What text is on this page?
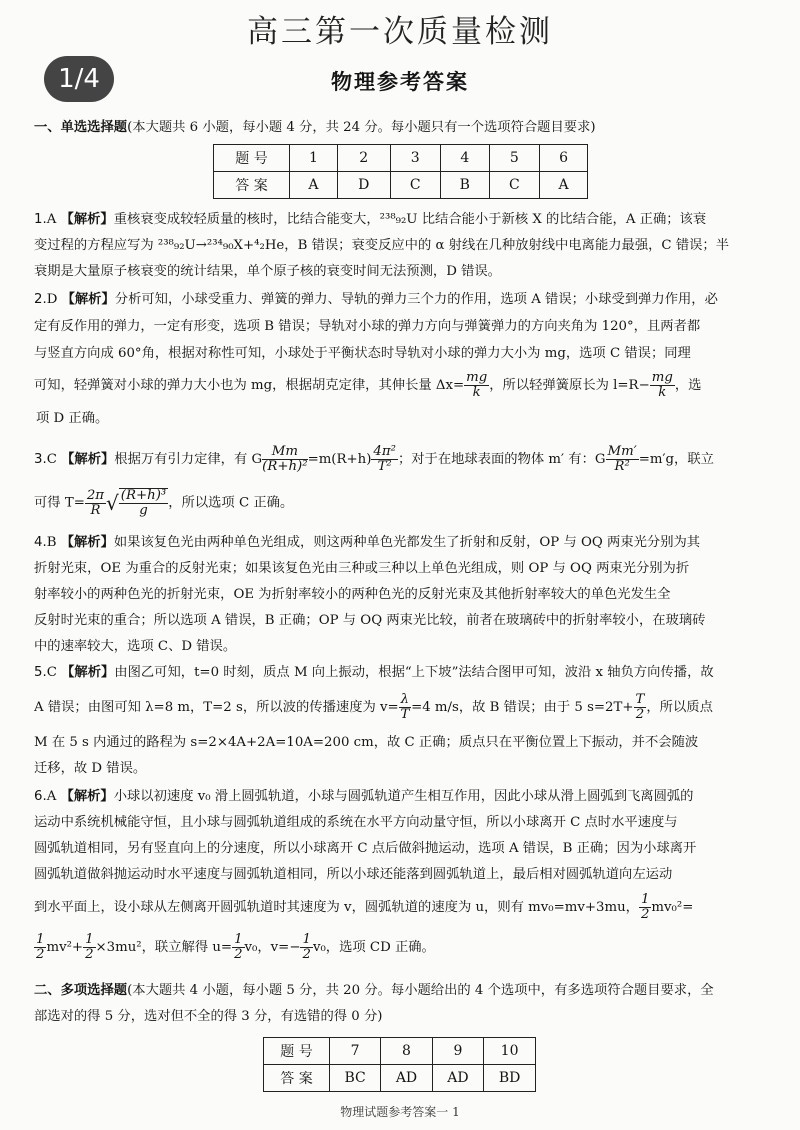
高三第一次质量检测
1/4	物理参考答案
一、单选选择题(本大题共 6 小题，每小题 4 分，共 24 分。每小题只有一个选项符合题目要求)
题 号	1	2	3	4	5	6
答 案	A	D	C	B	C	A
1.A 【解析】重核衰变成较轻质量的核时，比结合能变大，²³⁸₉₂U 比结合能小于新核 X 的比结合能，A 正确；该衰
变过程的方程应写为 ²³⁸₉₂U→²³⁴₉₀X+⁴₂He，B 错误；衰变反应中的 α 射线在几种放射线中电离能力最强，C 错误；半
衰期是大量原子核衰变的统计结果，单个原子核的衰变时间无法预测，D 错误。
2.D 【解析】分析可知，小球受重力、弹簧的弹力、导轨的弹力三个力的作用，选项 A 错误；小球受到弹力作用，必
定有反作用的弹力，一定有形变，选项 B 错误；导轨对小球的弹力方向与弹簧弹力的方向夹角为 120°，且两者都
与竖直方向成 60°角，根据对称性可知，小球处于平衡状态时导轨对小球的弹力大小为 mg，选项 C 错误；同理
可知，轻弹簧对小球的弹力大小也为 mg，根据胡克定律，其伸长量 $\Delta x= \frac{mg}{k}$ ，所以轻弹簧原长为 $l=R- \frac{mg}{k}$ ，选
项 D 正确。
3.C 【解析】根据万有引力定律，有 G $\frac{Mm}{\text{(R+h)²}} =m(R+h) \frac{\text{4π²}}{\text{T²}}$ ；对于在地球表面的物体 m′ 有：G $\frac{Mm'}{\text{R²}} =m'g$，联立
可得 $T= \frac{2\pi}{R}$ √ $\frac{\text{(R+h)³}}{g}$ ，所以选项 C 正确。
4.B 【解析】如果该复色光由两种单色光组成，则这两种单色光都发生了折射和反射，OP 与 OQ 两束光分别为其
折射光束，OE 为重合的反射光束；如果该复色光由三种或三种以上单色光组成，则 OP 与 OQ 两束光分别为折
射率较小的两种色光的折射光束，OE 为折射率较小的两种色光的反射光束及其他折射率较大的单色光发生全
反射时光束的重合；所以选项 A 错误，B 正确；OP 与 OQ 两束光比较，前者在玻璃砖中的折射率较小，在玻璃砖
中的速率较大，选项 C、D 错误。
5.C 【解析】由图乙可知，t=0 时刻，质点 M 向上振动，根据“上下坡”法结合图甲可知，波沿 x 轴负方向传播，故
A 错误；由图可知 λ=8 m，T=2 s，所以波的传播速度为 $v= \frac{\lambda}{T} =4$ m/s，故 B 错误；由于 5 $s=2T+ \frac{T}{2}$ ，所以质点
M 在 5 s 内通过的路程为 s=2×4A+2A=10A=200 cm，故 C 正确；质点只在平衡位置上下振动，并不会随波
迁移，故 D 错误。
6.A 【解析】小球以初速度 v₀ 滑上圆弧轨道，小球与圆弧轨道产生相互作用，因此小球从滑上圆弧到飞离圆弧的
运动中系统机械能守恒，且小球与圆弧轨道组成的系统在水平方向动量守恒，所以小球离开 C 点时水平速度与
圆弧轨道相同，另有竖直向上的分速度，所以小球离开 C 点后做斜抛运动，选项 A 错误，B 正确；因为小球离开
圆弧轨道做斜抛运动时水平速度与圆弧轨道相同，所以小球还能落到圆弧轨道上，最后相对圆弧轨道向左运动
到水平面上，设小球从左侧离开圆弧轨道时其速度为 v，圆弧轨道的速度为 u，则有 mv₀=mv+3mu， $\frac{1}{2} mv_0^2=$
$\frac{1}{2} mv^2+ \frac{1}{2} \times 3mu^2$，联立解得 $u= \frac{1}{2} v_0$，$v=- \frac{1}{2} v_0$，选项 CD 正确。
二、多项选择题(本大题共 4 小题，每小题 5 分，共 20 分。每小题给出的 4 个选项中，有多选项符合题目要求，全
部选对的得 5 分，选对但不全的得 3 分，有选错的得 0 分)
题 号	7	8	9	10
答 案	BC	AD	AD	BD
物理试题参考答案一 1
